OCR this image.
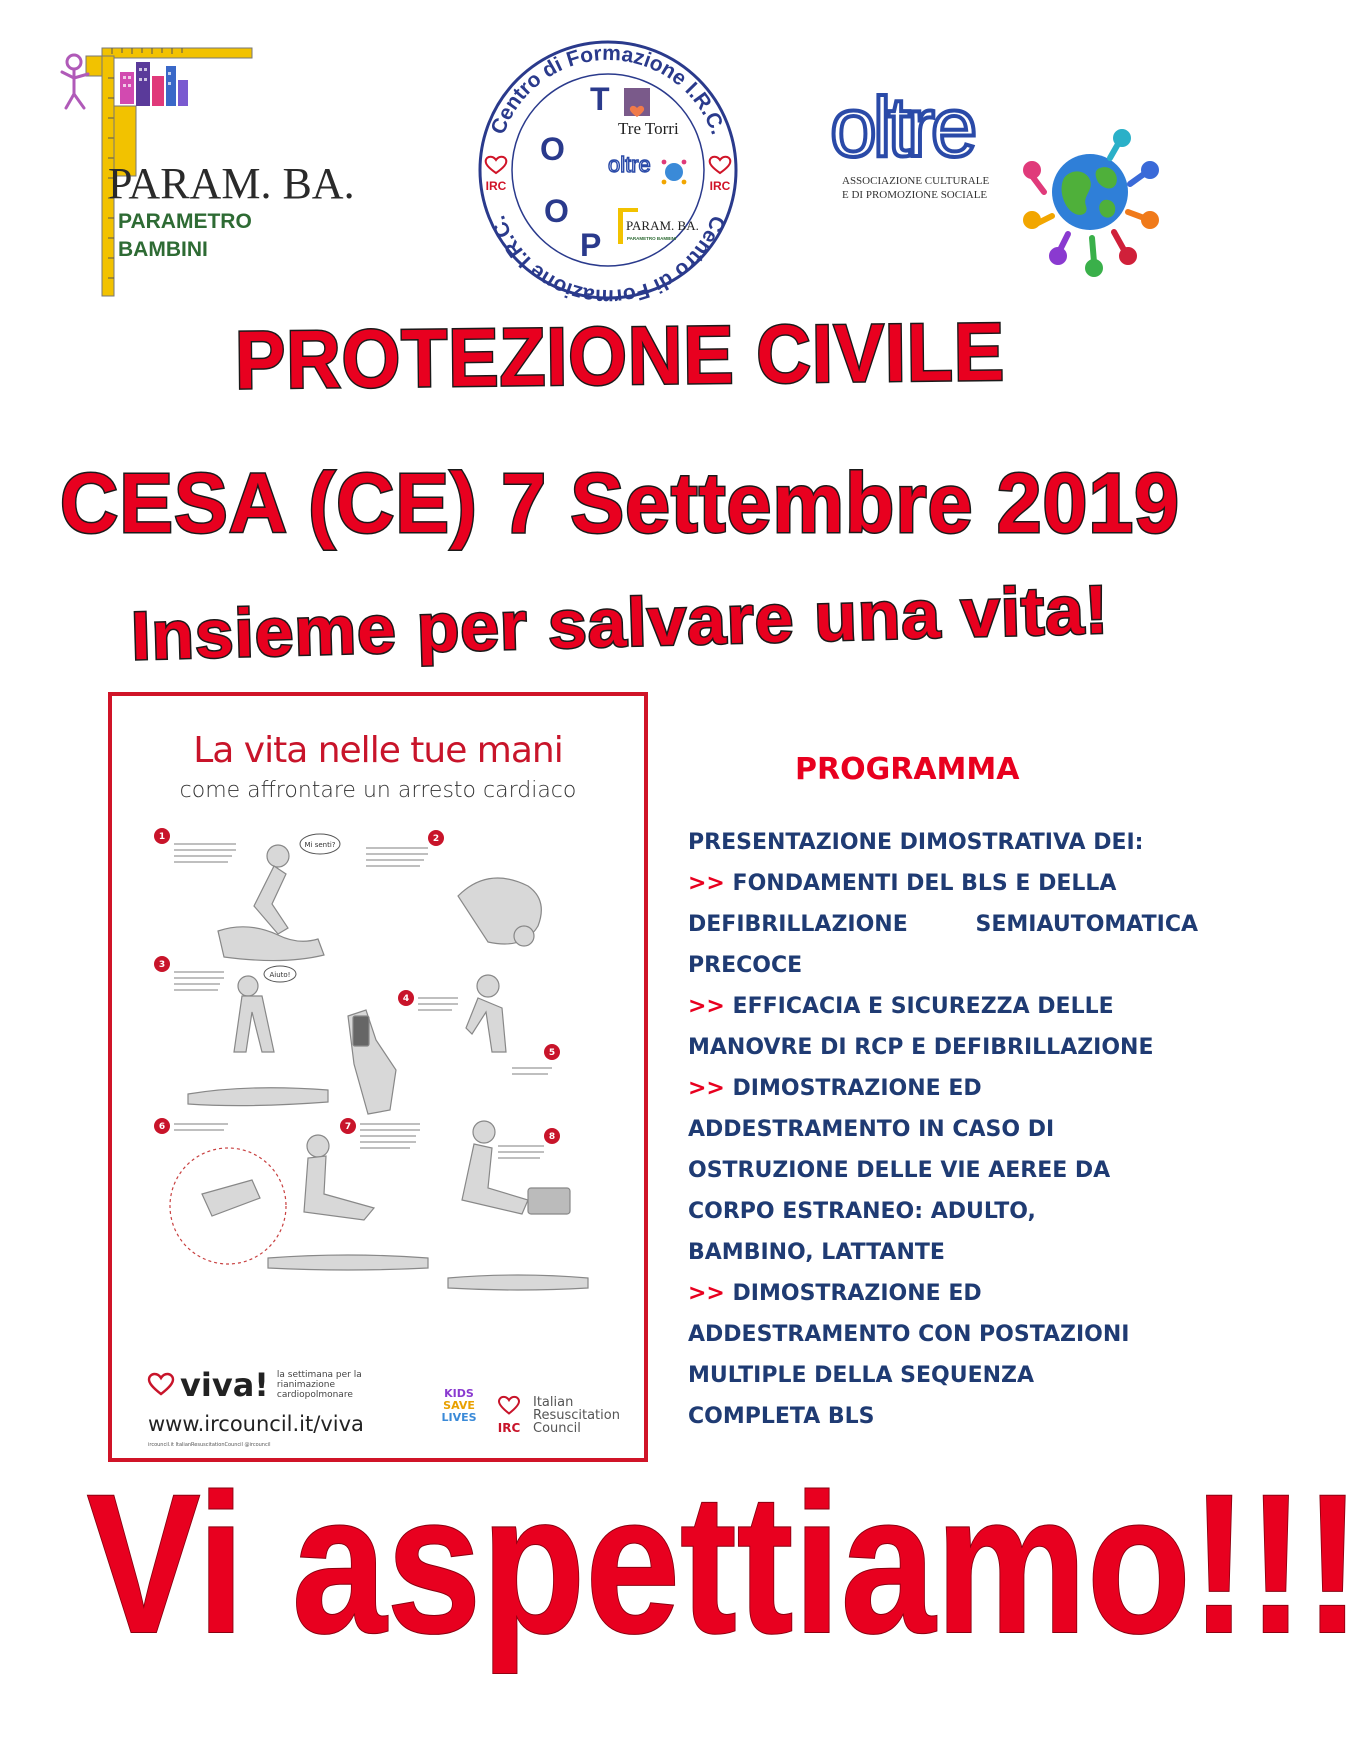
PARAM. BA.
PARAMETRO
BAMBINI
Centro di Formazione I.R.C.
Centro di Formazione I.R.C.
IRC	IRC
T
O
O
P
Tre Torri
oltre
PARAM. BA.
PARAMETRO BAMBINI
oltre
ASSOCIAZIONE CULTURALE
E DI PROMOZIONE SOCIALE
PROTEZIONE CIVILE
CESA (CE) 7 Settembre 2019
Insieme per salvare una vita!
La vita nelle tue mani
come affrontare un arresto cardiaco
1	2
3
4
5
6	7
8
Mi senti?
Aiuto!
viva! la settimana per la rianimazione cardiopolmonare
www.ircouncil.it/viva
ircouncil.it ItalianResuscitationCouncil @ircouncil
KIDS
SAVE
LIVES
IRC
Italian Resuscitation Council
PROGRAMMA
PRESENTAZIONE DIMOSTRATIVA DEI:
>> FONDAMENTI DEL BLS E DELLA
DEFIBRILLAZIONE SEMIAUTOMATICA
PRECOCE
>> EFFICACIA E SICUREZZA DELLE
MANOVRE DI RCP E DEFIBRILLAZIONE
>> DIMOSTRAZIONE ED
ADDESTRAMENTO IN CASO DI
OSTRUZIONE DELLE VIE AEREE DA
CORPO ESTRANEO: ADULTO,
BAMBINO, LATTANTE
>> DIMOSTRAZIONE ED
ADDESTRAMENTO CON POSTAZIONI
MULTIPLE DELLA SEQUENZA
COMPLETA BLS
Vi aspettiamo!!!
